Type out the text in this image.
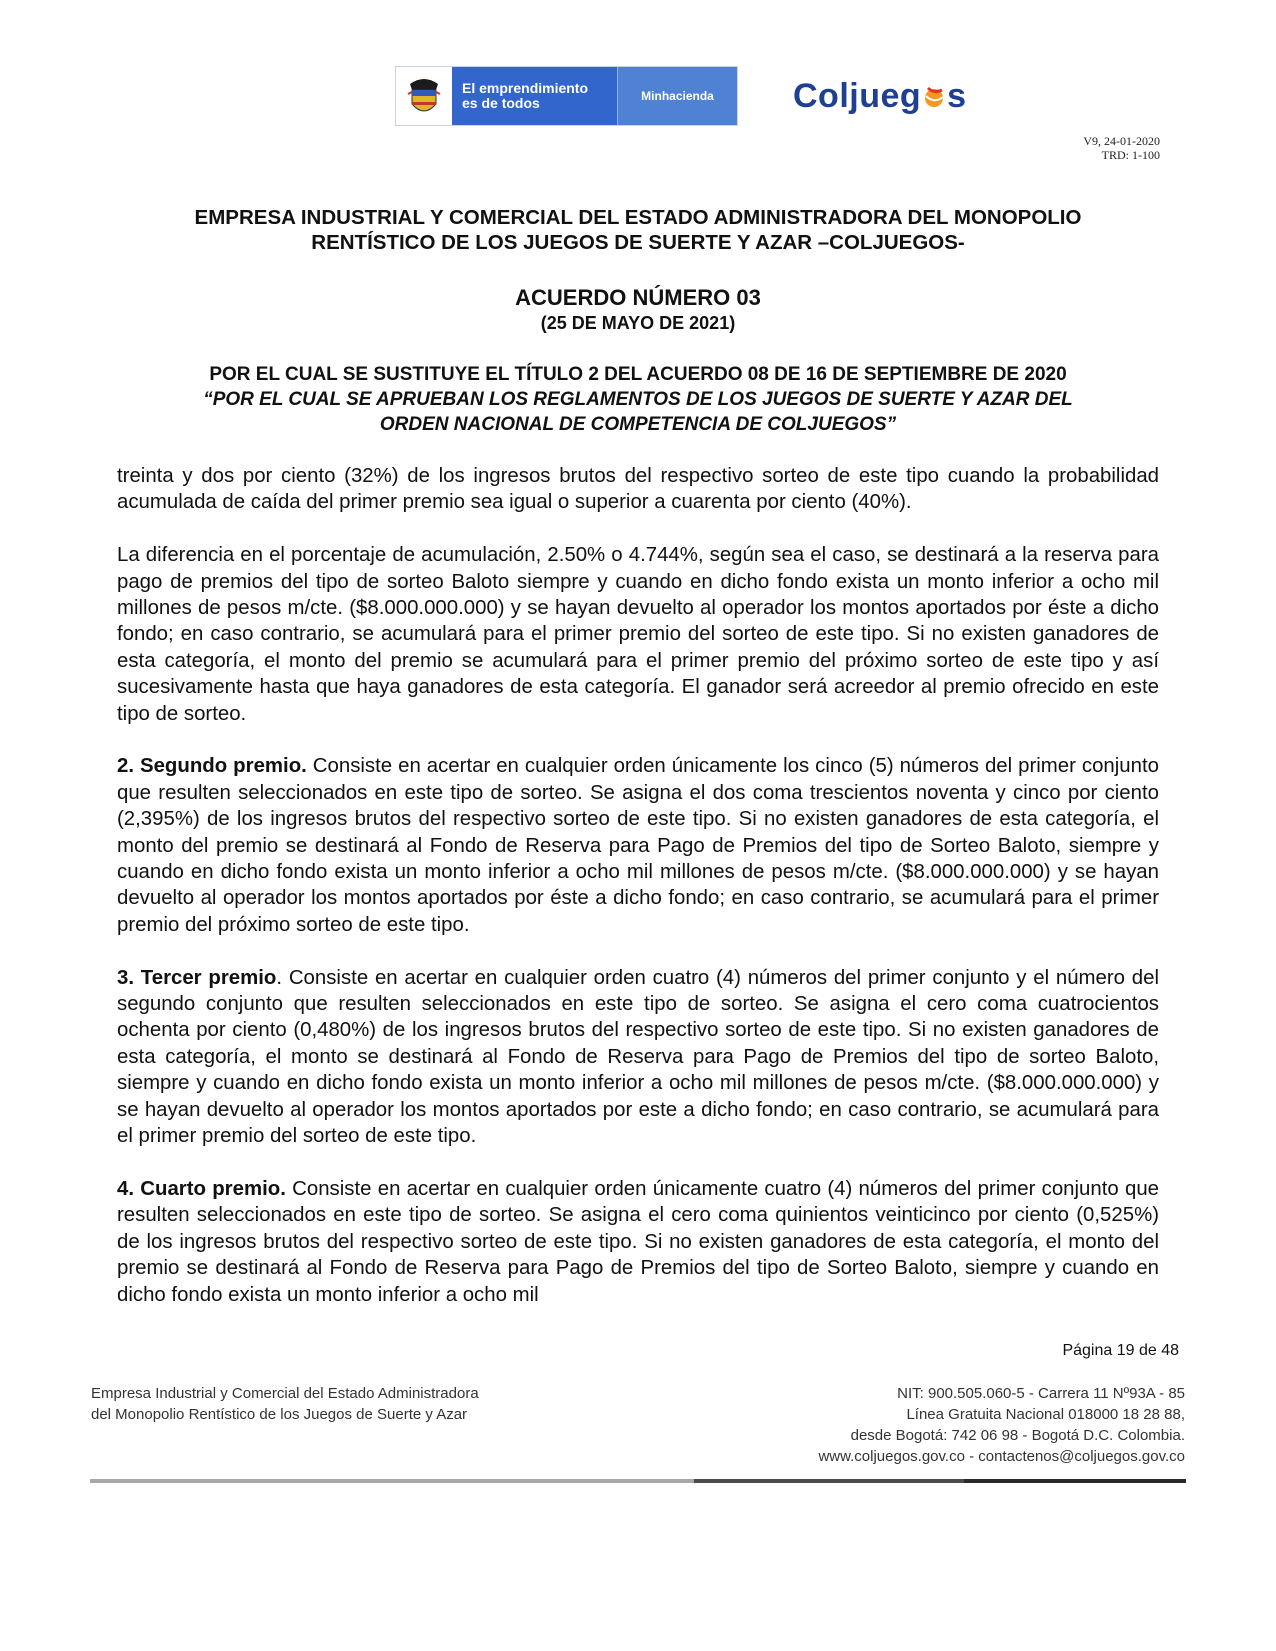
El emprendimiento
es de todos	Minhacienda	Colj ueg s
V9, 24-01-2020
TRD: 1-100
EMPRESA INDUSTRIAL Y COMERCIAL DEL ESTADO ADMINISTRADORA DEL MONOPOLIO
RENTÍSTICO DE LOS JUEGOS DE SUERTE Y AZAR –COLJUEGOS-
ACUERDO NÚMERO 03
(25 DE MAYO DE 2021)
POR EL CUAL SE SUSTITUYE EL TÍTULO 2 DEL ACUERDO 08 DE 16 DE SEPTIEMBRE DE 2020
“POR EL CUAL SE APRUEBAN LOS REGLAMENTOS DE LOS JUEGOS DE SUERTE Y AZAR DEL
ORDEN NACIONAL DE COMPETENCIA DE COLJUEGOS”

treinta y dos por ciento (32%) de los ingresos brutos del respectivo sorteo de este tipo cuando la probabilidad acumulada de caída del primer premio sea igual o superior a cuarenta por ciento (40%).

La diferencia en el porcentaje de acumulación, 2.50% o 4.744%, según sea el caso, se destinará a la reserva para pago de premios del tipo de sorteo Baloto siempre y cuando en dicho fondo exista un monto inferior a ocho mil millones de pesos m/cte. ($8.000.000.000) y se hayan devuelto al operador los montos aportados por éste a dicho fondo; en caso contrario, se acumulará para el primer premio del sorteo de este tipo. Si no existen ganadores de esta categoría, el monto del premio se acumulará para el primer premio del próximo sorteo de este tipo y así sucesivamente hasta que haya ganadores de esta categoría. El ganador será acreedor al premio ofrecido en este tipo de sorteo.

2. Segundo premio. Consiste en acertar en cualquier orden únicamente los cinco (5) números del primer conjunto que resulten seleccionados en este tipo de sorteo. Se asigna el dos coma trescientos noventa y cinco por ciento (2,395%) de los ingresos brutos del respectivo sorteo de este tipo. Si no existen ganadores de esta categoría, el monto del premio se destinará al Fondo de Reserva para Pago de Premios del tipo de Sorteo Baloto, siempre y cuando en dicho fondo exista un monto inferior a ocho mil millones de pesos m/cte. ($8.000.000.000) y se hayan devuelto al operador los montos aportados por éste a dicho fondo; en caso contrario, se acumulará para el primer premio del próximo sorteo de este tipo.

3. Tercer premio. Consiste en acertar en cualquier orden cuatro (4) números del primer conjunto y el número del segundo conjunto que resulten seleccionados en este tipo de sorteo. Se asigna el cero coma cuatrocientos ochenta por ciento (0,480%) de los ingresos brutos del respectivo sorteo de este tipo. Si no existen ganadores de esta categoría, el monto se destinará al Fondo de Reserva para Pago de Premios del tipo de sorteo Baloto, siempre y cuando en dicho fondo exista un monto inferior a ocho mil millones de pesos m/cte. ($8.000.000.000) y se hayan devuelto al operador los montos aportados por este a dicho fondo; en caso contrario, se acumulará para el primer premio del sorteo de este tipo.

4. Cuarto premio. Consiste en acertar en cualquier orden únicamente cuatro (4) números del primer conjunto que resulten seleccionados en este tipo de sorteo. Se asigna el cero coma quinientos veinticinco por ciento (0,525%) de los ingresos brutos del respectivo sorteo de este tipo. Si no existen ganadores de esta categoría, el monto del premio se destinará al Fondo de Reserva para Pago de Premios del tipo de Sorteo Baloto, siempre y cuando en dicho fondo exista un monto inferior a ocho mil

Página 19 de 48
Empresa Industrial y Comercial del Estado Administradora
del Monopolio Rentístico de los Juegos de Suerte y Azar
NIT: 900.505.060-5 - Carrera 11 Nº93A - 85
Línea Gratuita Nacional 018000 18 28 88,
desde Bogotá: 742 06 98 - Bogotá D.C. Colombia.
www.coljuegos.gov.co - contactenos@coljuegos.gov.co
